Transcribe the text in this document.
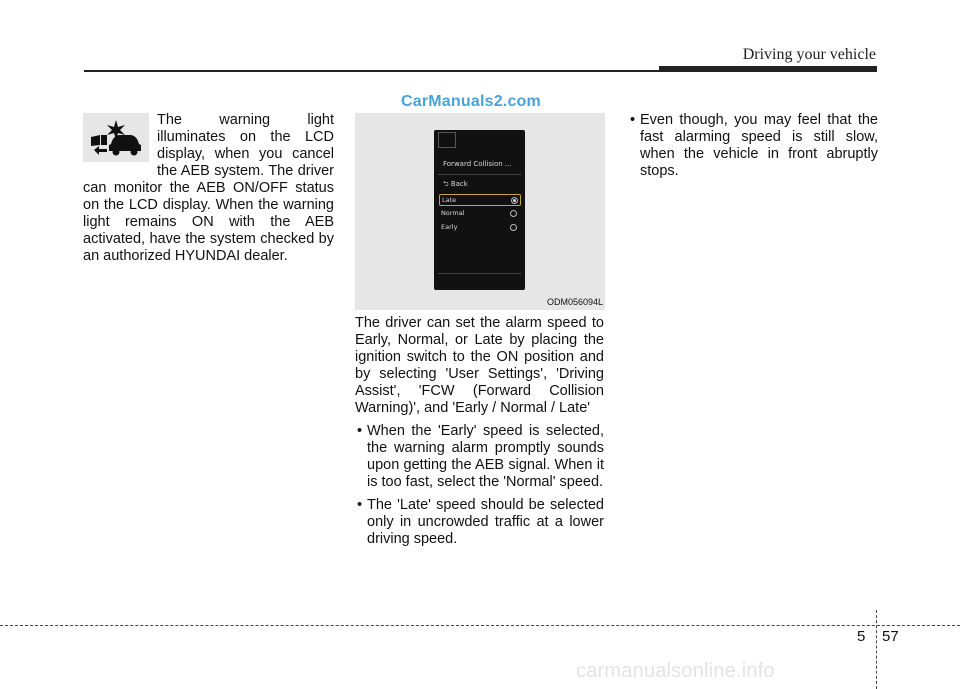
Driving your vehicle
CarManuals2.com
The warning light illuminates on the LCD display, when you cancel the AEB system. The driver can monitor the AEB ON/OFF status on the LCD display. When the warning light remains ON with the AEB activated, have the system checked by an authorized HYUNDAI dealer.
Forward Collision ...
⮌ Back
Late
Normal
Early
ODM056094L
The driver can set the alarm speed to Early, Normal, or Late by placing the ignition switch to the ON position and by selecting 'User Settings', 'Driving Assist', 'FCW (Forward Collision Warning)', and 'Early / Normal / Late'
• When the 'Early' speed is selected, the warning alarm promptly sounds upon getting the AEB signal. When it is too fast, select the 'Normal' speed.
• The 'Late' speed should be selected only in uncrowded traffic at a lower driving speed.
• Even though, you may feel that the fast alarming speed is still slow, when the vehicle in front abruptly stops.
5 57
carmanualsonline.info
